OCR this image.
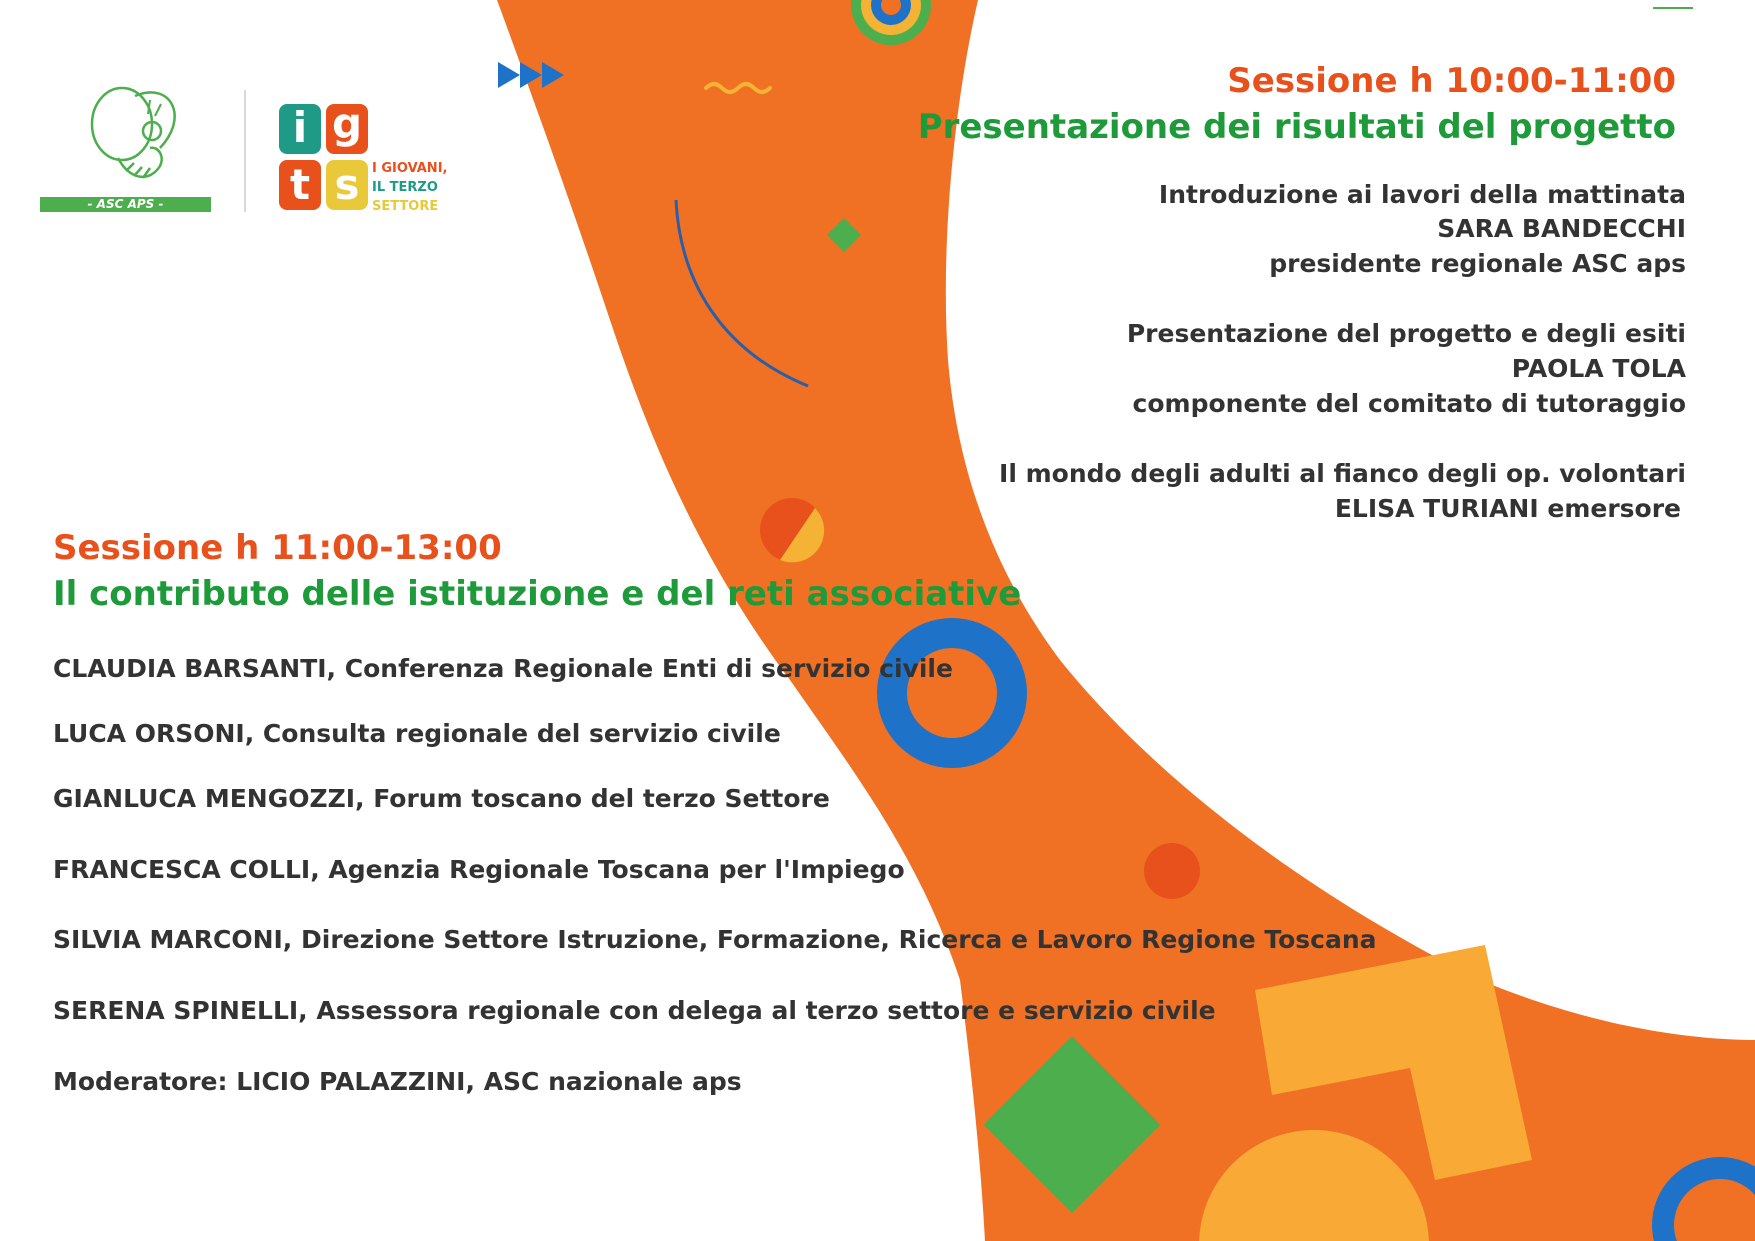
- ASC APS -
i g
t s I GIOVANI,
IL TERZO
SETTORE
Sessione h 10:00-11:00
Presentazione dei risultati del progetto
Introduzione ai lavori della mattinata
SARA BANDECCHI
presidente regionale ASC aps
Presentazione del progetto e degli esiti
PAOLA TOLA
componente del comitato di tutoraggio
Il mondo degli adulti al fianco degli op. volontari
ELISA TURIANI emersore
Sessione h 11:00-13:00
Il contributo delle istituzione e del reti associative
CLAUDIA BARSANTI, Conferenza Regionale Enti di servizio civile
LUCA ORSONI, Consulta regionale del servizio civile
GIANLUCA MENGOZZI, Forum toscano del terzo Settore
FRANCESCA COLLI, Agenzia Regionale Toscana per l'Impiego
SILVIA MARCONI, Direzione Settore Istruzione, Formazione, Ricerca e Lavoro Regione Toscana
SERENA SPINELLI, Assessora regionale con delega al terzo settore e servizio civile
Moderatore: LICIO PALAZZINI, ASC nazionale aps
